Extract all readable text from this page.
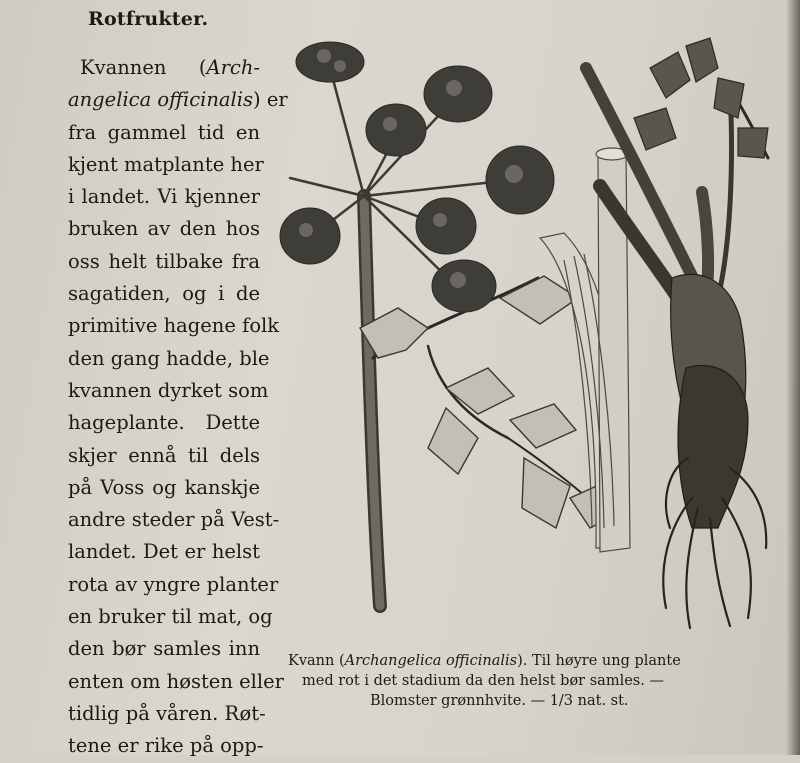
Rotfrukter.
Kvannen (Arch-
angelica officinalis) er
fra gammel tid en
kjent matplante her
i landet. Vi kjenner
bruken av den hos
oss helt tilbake fra
sagatiden, og i de
primitive hagene folk
den gang hadde, ble
kvannen dyrket som
hageplante. Dette
skjer ennå til dels
på Voss og kanskje
andre steder på Vest-
landet. Det er helst
rota av yngre planter
en bruker til mat, og
den bør samles inn
enten om høsten eller
tidlig på våren. Røt-
tene er rike på opp-
Kvann (Archangelica officinalis). Til høyre ung plante
med rot i det stadium da den helst bør samles. —
Blomster grønnhvite. — 1/3 nat. st.
